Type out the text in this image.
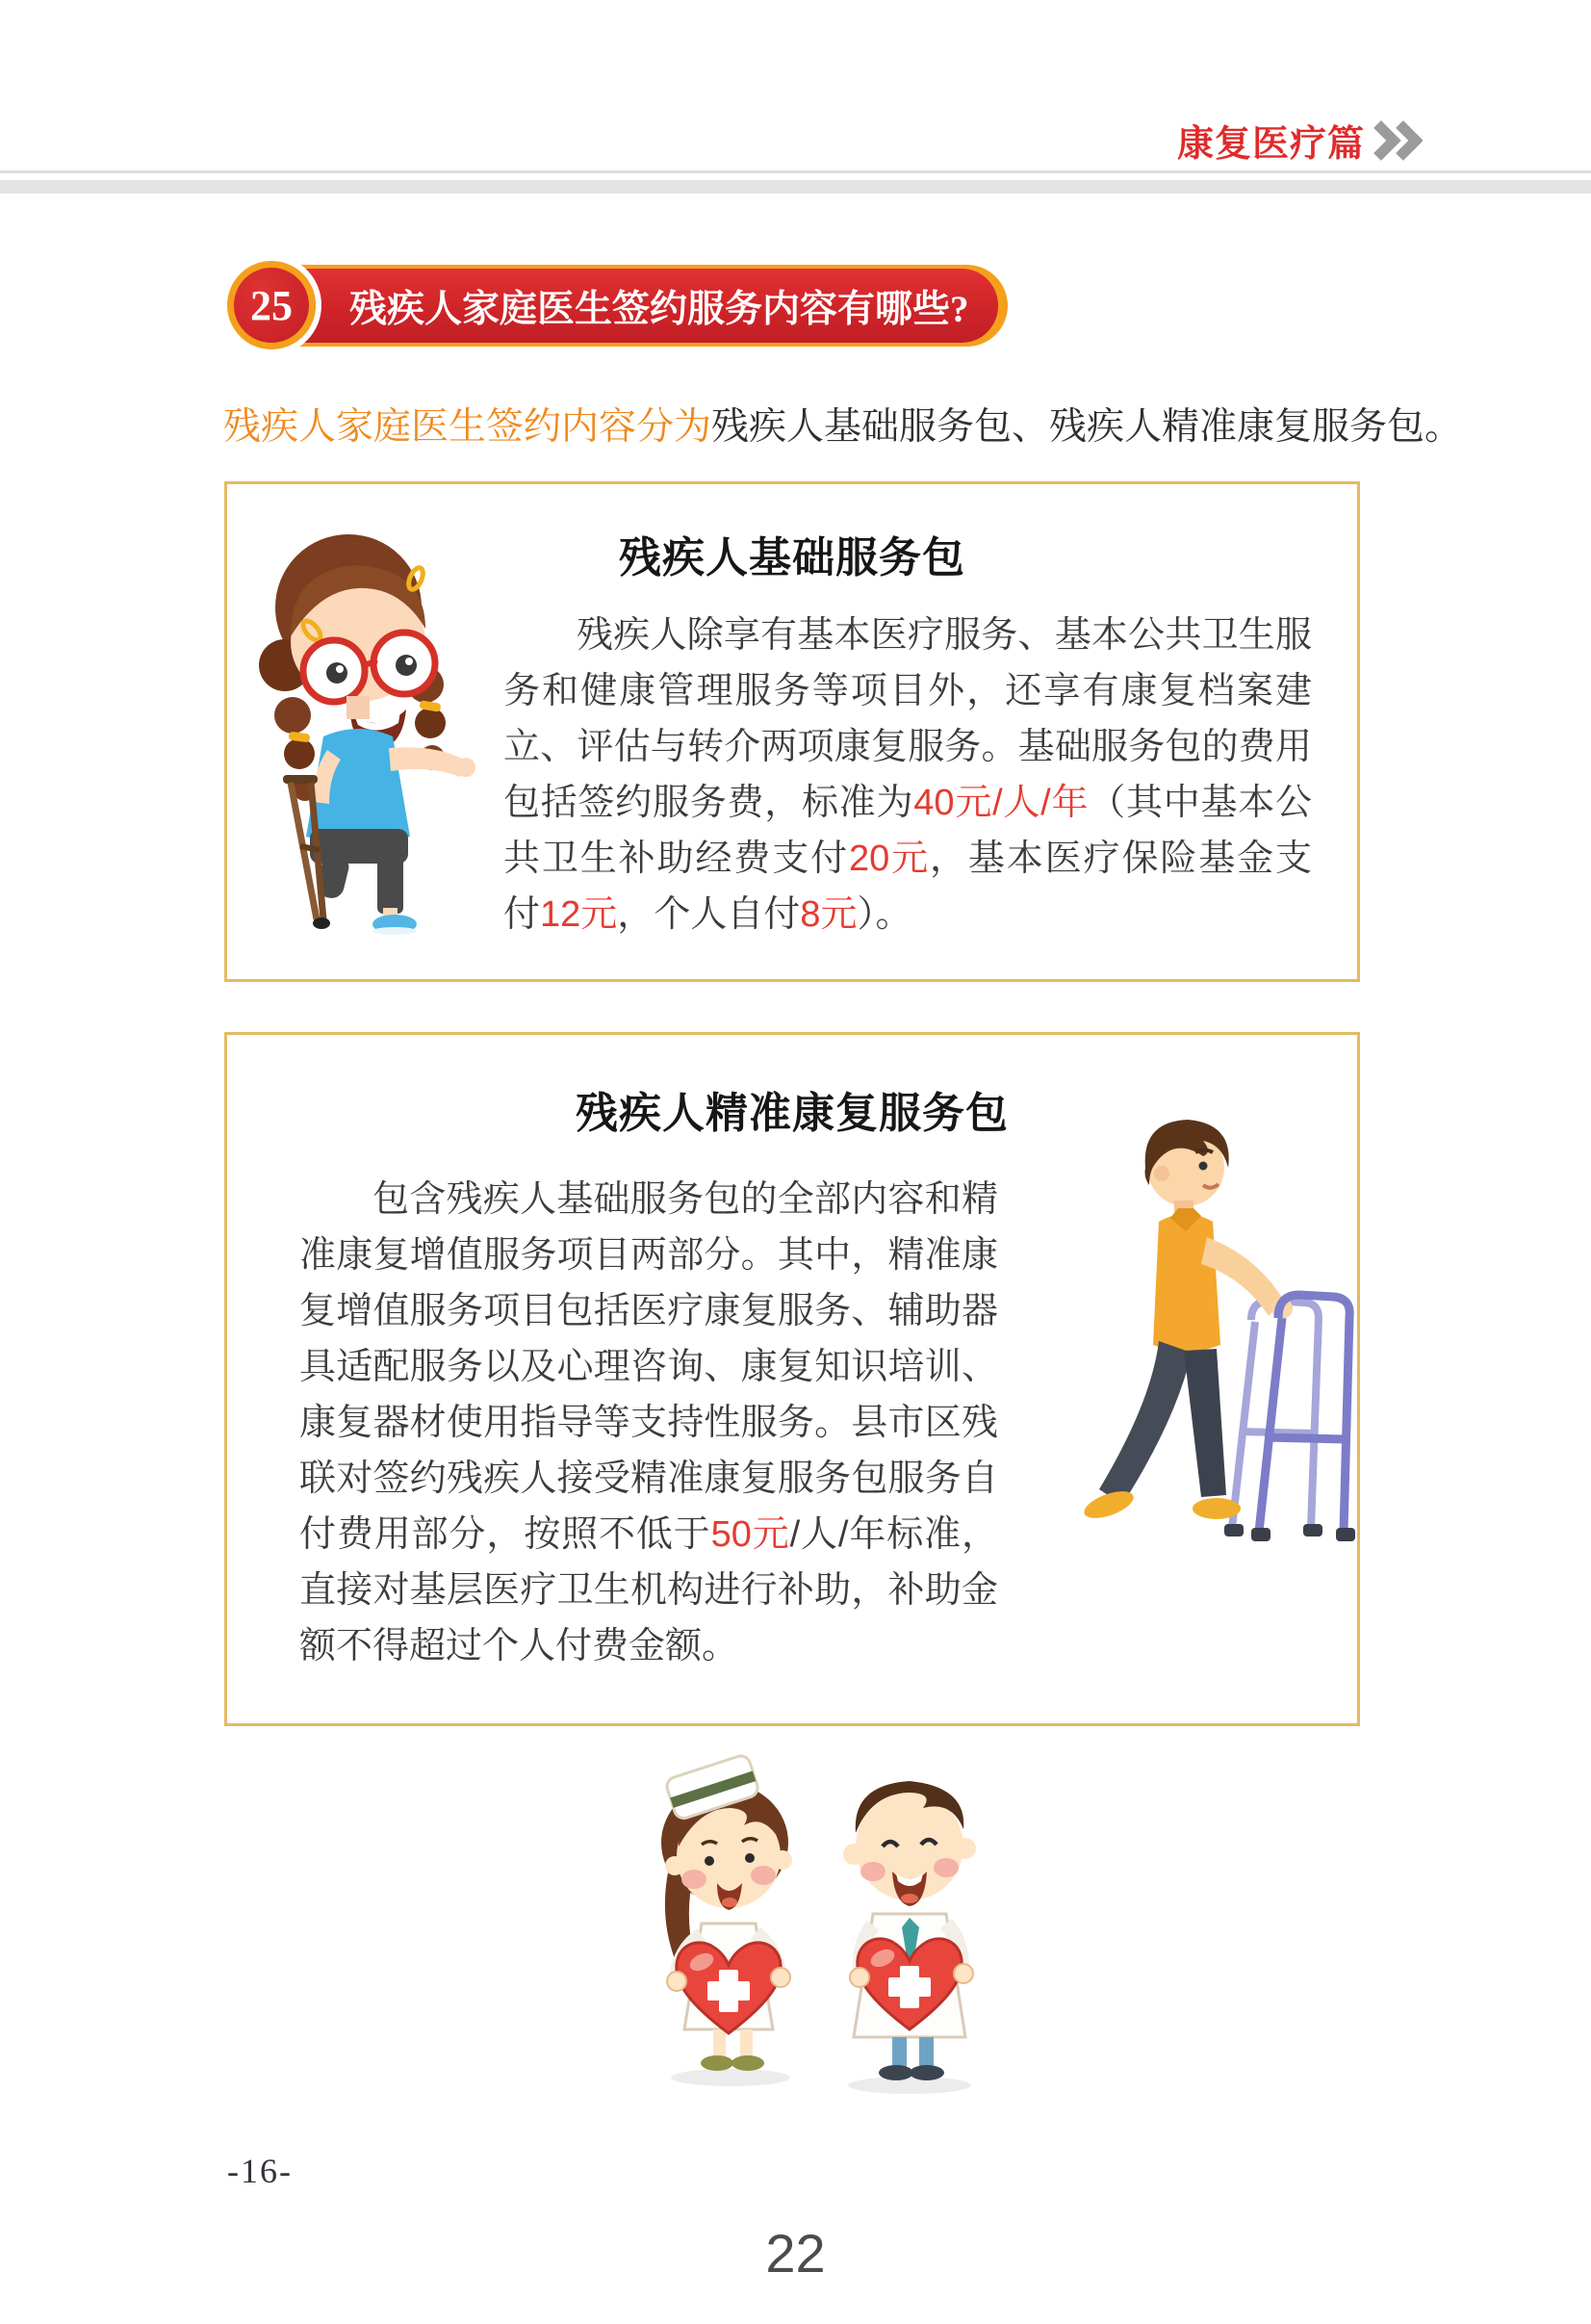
康复医疗篇
残疾人家庭医生签约服务内容有哪些?
25
残疾人家庭医生签约内容分为残疾人基础服务包、残疾人精准康复服务包。
残疾人基础服务包
残疾人除享有基本医疗服务、基本公共卫生服务和健康管理服务等项目外，还享有康复档案建立、评估与转介两项康复服务。基础服务包的费用包括签约服务费，标准为40元/人/年（其中基本公共卫生补助经费支付20元，基本医疗保险基金支付12元，个人自付8元）。
残疾人精准康复服务包
包含残疾人基础服务包的全部内容和精准康复增值服务项目两部分。其中，精准康复增值服务项目包括医疗康复服务、辅助器具适配服务以及心理咨询、康复知识培训、康复器材使用指导等支持性服务。县市区残联对签约残疾人接受精准康复服务包服务自付费用部分，按照不低于50元/人/年标准，直接对基层医疗卫生机构进行补助，补助金额不得超过个人付费金额。
-16-
22
